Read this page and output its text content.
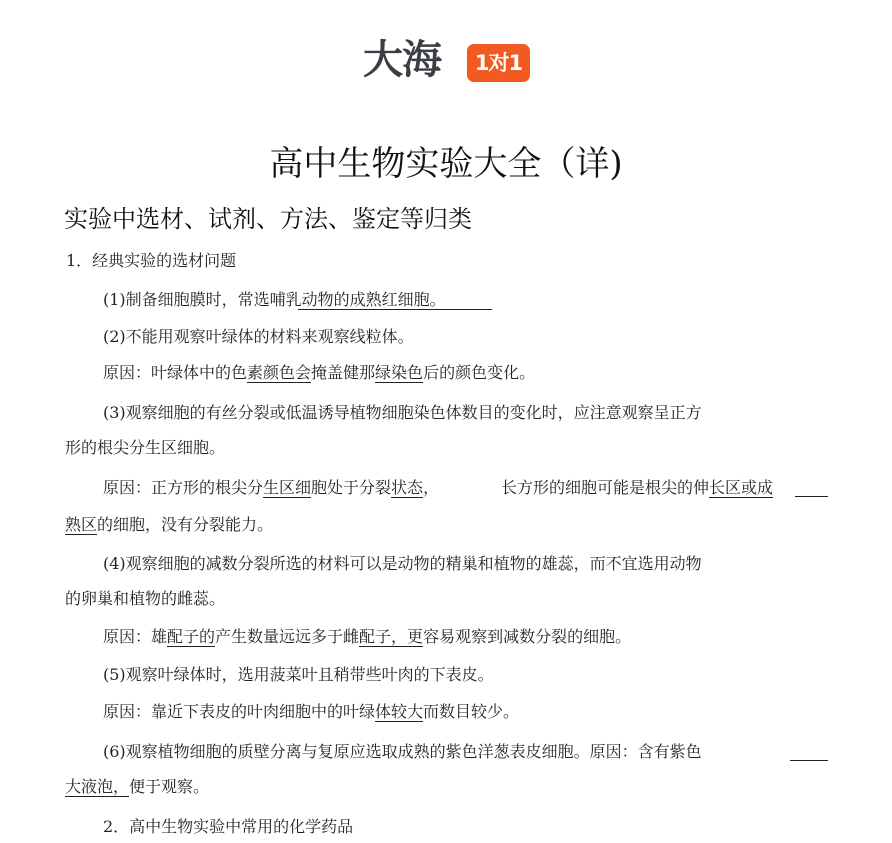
大海	1对1
高中生物实验大全（详)
实验中选材、试剂、方法、鉴定等归类
1．经典实验的选材问题
(1)制备细胞膜时，常选哺乳动物的成熟红细胞。
(2)不能用观察叶绿体的材料来观察线粒体。
原因：叶绿体中的色素颜色会掩盖健那绿染色后的颜色变化。
(3)观察细胞的有丝分裂或低温诱导植物细胞染色体数目的变化时，应注意观察呈正方
形的根尖分生区细胞。
原因：正方形的根尖分生区细胞处于分裂状态，	长方形的细胞可能是根尖的伸长区或成
熟区的细胞，没有分裂能力。
(4)观察细胞的减数分裂所选的材料可以是动物的精巢和植物的雄蕊，而不宜选用动物
的卵巢和植物的雌蕊。
原因：雄配子的产生数量远远多于雌配子，更容易观察到减数分裂的细胞。
(5)观察叶绿体时，选用菠菜叶且稍带些叶肉的下表皮。
原因：靠近下表皮的叶肉细胞中的叶绿体较大而数目较少。
(6)观察植物细胞的质壁分离与复原应选取成熟的紫色洋葱表皮细胞。原因：含有紫色
大液泡，便于观察。
2．高中生物实验中常用的化学药品
